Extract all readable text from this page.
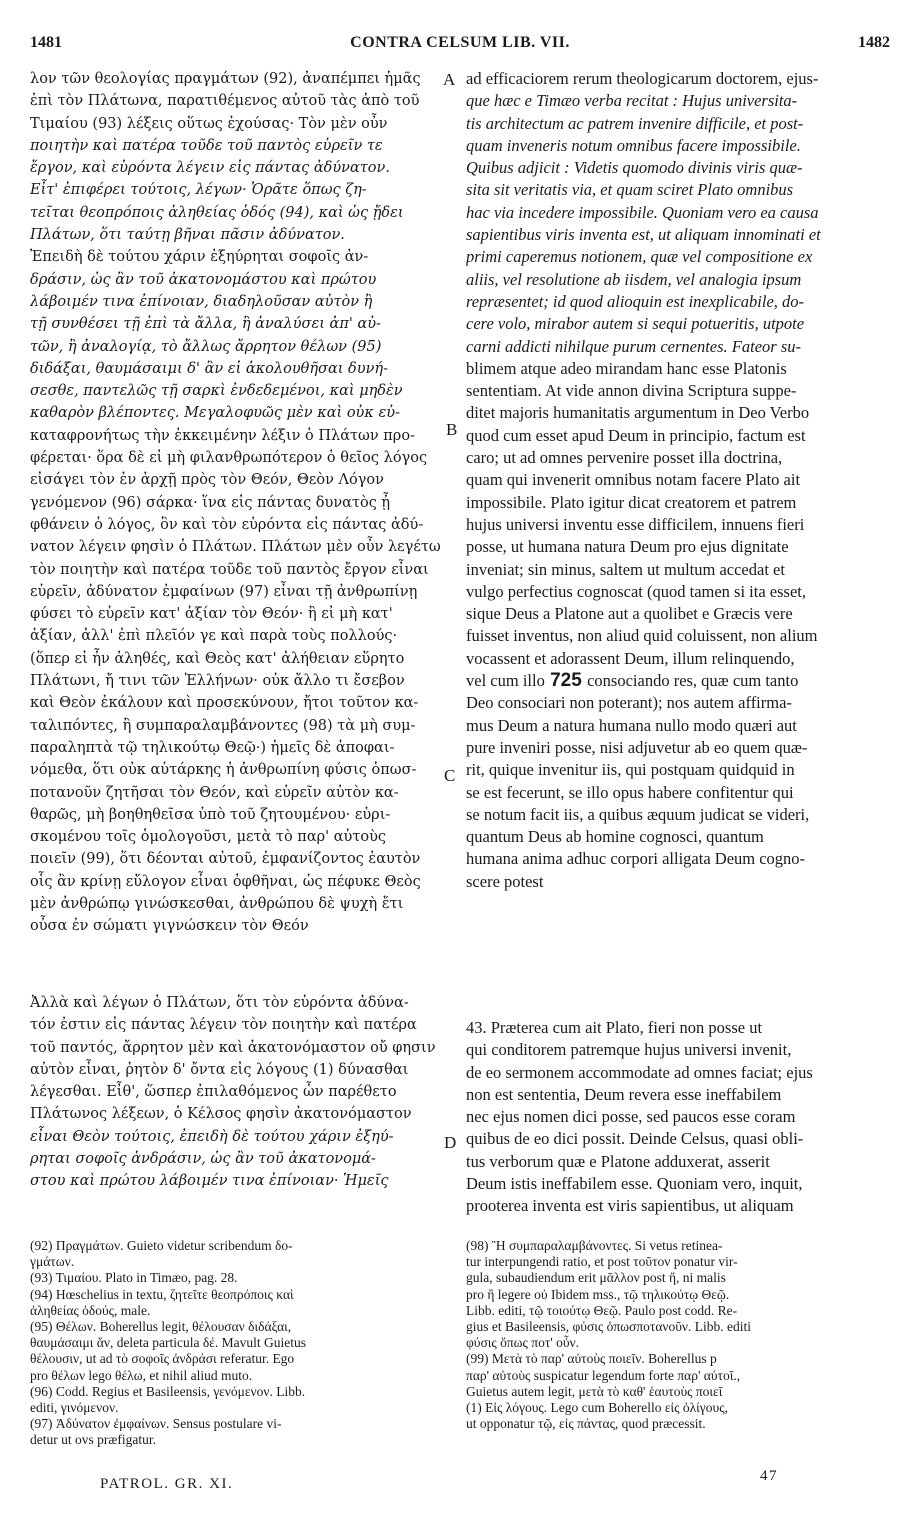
1481	CONTRA CELSUM LIB. VII.	1482
λον τῶν θεολογίας πραγμάτων (92), ἀναπέμπει ἡμᾶς
ἐπὶ τὸν Πλάτωνα, παρατιθέμενος αὐτοῦ τὰς ἀπὸ τοῦ
Τιμαίου (93) λέξεις οὕτως ἐχούσας· Τὸν μὲν οὖν
ποιητὴν καὶ πατέρα τοῦδε τοῦ παντὸς εὑρεῖν τε
ἔργον, καὶ εὑρόντα λέγειν εἰς πάντας ἀδύνατον.
Εἶτ' ἐπιφέρει τούτοις, λέγων· Ὁρᾶτε ὅπως ζη-
τεῖται θεοπρόποις ἀληθείας ὁδός (94), καὶ ὡς ᾔδει
Πλάτων, ὅτι ταύτῃ βῆναι πᾶσιν ἀδύνατον.
Ἐπειδὴ δὲ τούτου χάριν ἐξηύρηται σοφοῖς ἀν-
δράσιν, ὡς ἂν τοῦ ἀκατονομάστου καὶ πρώτου
λάβοιμέν τινα ἐπίνοιαν, διαδηλοῦσαν αὐτὸν ἢ
τῇ συνθέσει τῇ ἐπὶ τὰ ἄλλα, ἢ ἀναλύσει ἀπ' αὐ-
τῶν, ἢ ἀναλογίᾳ, τὸ ἄλλως ἄρρητον θέλων (95)
διδάξαι, θαυμάσαιμι δ' ἂν εἰ ἀκολουθῆσαι δυνή-
σεσθε, παντελῶς τῇ σαρκὶ ἐνδεδεμένοι, καὶ μηδὲν
καθαρὸν βλέποντες. Μεγαλοφυῶς μὲν καὶ οὐκ εὐ-
καταφρονήτως τὴν ἐκκειμένην λέξιν ὁ Πλάτων προ-
φέρεται· ὅρα δὲ εἰ μὴ φιλανθρωπότερον ὁ θεῖος λόγος
εἰσάγει τὸν ἐν ἀρχῇ πρὸς τὸν Θεόν, Θεὸν Λόγον
γενόμενον (96) σάρκα· ἵνα εἰς πάντας δυνατὸς ᾖ
φθάνειν ὁ λόγος, ὃν καὶ τὸν εὑρόντα εἰς πάντας ἀδύ-
νατον λέγειν φησὶν ὁ Πλάτων. Πλάτων μὲν οὖν λεγέτω
τὸν ποιητὴν καὶ πατέρα τοῦδε τοῦ παντὸς ἔργον εἶναι
εὑρεῖν, ἀδύνατον ἐμφαίνων (97) εἶναι τῇ ἀνθρωπίνῃ
φύσει τὸ εὑρεῖν κατ' ἀξίαν τὸν Θεόν· ἢ εἰ μὴ κατ'
ἀξίαν, ἀλλ' ἐπὶ πλεῖόν γε καὶ παρὰ τοὺς πολλούς·
(ὅπερ εἰ ἦν ἀληθές, καὶ Θεὸς κατ' ἀλήθειαν εὕρητο
Πλάτωνι, ἤ τινι τῶν Ἑλλήνων· οὐκ ἄλλο τι ἔσεβον
καὶ Θεὸν ἐκάλουν καὶ προσεκύνουν, ἤτοι τοῦτον κα-
ταλιπόντες, ἢ συμπαραλαμβάνοντες (98) τὰ μὴ συμ-
παραληπτὰ τῷ τηλικούτῳ Θεῷ·) ἡμεῖς δὲ ἀποφαι-
νόμεθα, ὅτι οὐκ αὐτάρκης ἡ ἀνθρωπίνη φύσις ὁπωσ-
ποτανοῦν ζητῆσαι τὸν Θεόν, καὶ εὑρεῖν αὐτὸν κα-
θαρῶς, μὴ βοηθηθεῖσα ὑπὸ τοῦ ζητουμένου· εὑρι-
σκομένου τοῖς ὁμολογοῦσι, μετὰ τὸ παρ' αὐτοὺς
ποιεῖν (99), ὅτι δέονται αὐτοῦ, ἐμφανίζοντος ἑαυτὸν
οἷς ἂν κρίνῃ εὔλογον εἶναι ὀφθῆναι, ὡς πέφυκε Θεὸς
μὲν ἀνθρώπῳ γινώσκεσθαι, ἀνθρώπου δὲ ψυχὴ ἔτι
οὖσα ἐν σώματι γιγνώσκειν τὸν Θεόν
Ἀλλὰ καὶ λέγων ὁ Πλάτων, ὅτι τὸν εὑρόντα ἀδύνα-
τόν ἐστιν εἰς πάντας λέγειν τὸν ποιητὴν καὶ πατέρα
τοῦ παντός, ἄρρητον μὲν καὶ ἀκατονόμαστον οὔ φησιν
αὐτὸν εἶναι, ῥητὸν δ' ὄντα εἰς λόγους (1) δύνασθαι
λέγεσθαι. Εἶθ', ὥσπερ ἐπιλαθόμενος ὧν παρέθετο
Πλάτωνος λέξεων, ὁ Κέλσος φησὶν ἀκατονόμαστον
εἶναι Θεὸν τούτοις, ἐπειδὴ δὲ τούτου χάριν ἐξηύ-
ρηται σοφοῖς ἀνδράσιν, ὡς ἂν τοῦ ἀκατονομά-
στου καὶ πρώτου λάβοιμέν τινα ἐπίνοιαν· Ἡμεῖς
ad efficaciorem rerum theologicarum doctorem, ejus-
que hæc e Timæo verba recitat : Hujus universita-
tis architectum ac patrem invenire difficile, et post-
quam inveneris notum omnibus facere impossibile.
Quibus adjicit : Videtis quomodo divinis viris quæ-
sita sit veritatis via, et quam sciret Plato omnibus
hac via incedere impossibile. Quoniam vero ea causa
sapientibus viris inventa est, ut aliquam innominati et
primi caperemus notionem, quæ vel compositione ex
aliis, vel resolutione ab iisdem, vel analogia ipsum
repræsentet; id quod alioquin est inexplicabile, do-
cere volo, mirabor autem si sequi potueritis, utpote
carni addicti nihilque purum cernentes. Fateor su-
blimem atque adeo mirandam hanc esse Platonis
sententiam. At vide annon divina Scriptura suppe-
ditet majoris humanitatis argumentum in Deo Verbo
quod cum esset apud Deum in principio, factum est
caro; ut ad omnes pervenire posset illa doctrina,
quam qui invenerit omnibus notam facere Plato ait
impossibile. Plato igitur dicat creatorem et patrem
hujus universi inventu esse difficilem, innuens fieri
posse, ut humana natura Deum pro ejus dignitate
inveniat; sin minus, saltem ut multum accedat et
vulgo perfectius cognoscat (quod tamen si ita esset,
sique Deus a Platone aut a quolibet e Græcis vere
fuisset inventus, non aliud quid coluissent, non alium
vocassent et adorassent Deum, illum relinquendo,
vel cum illo 725 consociando res, quæ cum tanto
Deo consociari non poterant); nos autem affirma-
mus Deum a natura humana nullo modo quæri aut
pure inveniri posse, nisi adjuvetur ab eo quem quæ-
rit, quique invenitur iis, qui postquam quidquid in
se est fecerunt, se illo opus habere confitentur qui
se notum facit iis, a quibus æquum judicat se videri,
quantum Deus ab homine cognosci, quantum
humana anima adhuc corpori alligata Deum cogno-
scere potest
43. Præterea cum ait Plato, fieri non posse ut
qui conditorem patremque hujus universi invenit,
de eo sermonem accommodate ad omnes faciat; ejus
non est sententia, Deum revera esse ineffabilem
nec ejus nomen dici posse, sed paucos esse coram
quibus de eo dici possit. Deinde Celsus, quasi obli-
tus verborum quæ e Platone adduxerat, asserit
Deum istis ineffabilem esse. Quoniam vero, inquit,
prooterea inventa est viris sapientibus, ut aliquam
A
B
C
D
(92) Πραγμάτων. Guieto videtur scribendum δο-
γμάτων.
(93) Τιμαίου. Plato in Timæo, pag. 28.
(94) Hœschelius in textu, ζητεῖτε θεοπρόποις καὶ
ἀληθείας ὁδούς, male.
(95) Θέλων. Boherellus legit, θέλουσαν διδάξαι,
θαυμάσαιμι ἄν, deleta particula δέ. Mavult Guietus
θέλουσιν, ut ad τὸ σοφοῖς ἀνδράσι referatur. Ego
pro θέλων lego θέλω, et nihil aliud muto.
(96) Codd. Regius et Basileensis, γενόμενον. Libb.
editi, γινόμενον.
(97) Ἀδύνατον ἐμφαίνων. Sensus postulare vi-
detur ut ovs præfigatur.
(98) Ἢ συμπαραλαμβάνοντες. Si vetus retinea-
tur interpungendi ratio, et post τοῦτον ponatur vir-
gula, subaudiendum erit μᾶλλον post ἤ, ni malis
pro ἢ legere οὐ Ibidem mss., τῷ τηλικούτῳ Θεῷ.
Libb. editi, τῷ τοιούτῳ Θεῷ. Paulo post codd. Re-
gius et Basileensis, φύσις ὁπωσποτανοῦν. Libb. editi
φύσις ὅπως ποτ' οὖν.
(99) Μετὰ τὸ παρ' αὐτοὺς ποιεῖν. Boherellus p
παρ' αὐτοὺς suspicatur legendum forte παρ' αὐτοῖ.,
Guietus autem legit, μετὰ τὸ καθ' ἑαυτοὺς ποιεῖ
(1) Εἰς λόγους. Lego cum Boherello εἰς ὀλίγους,
ut opponatur τῷ, εἰς πάντας, quod præcessit.
PATROL. GR. XI.	47
